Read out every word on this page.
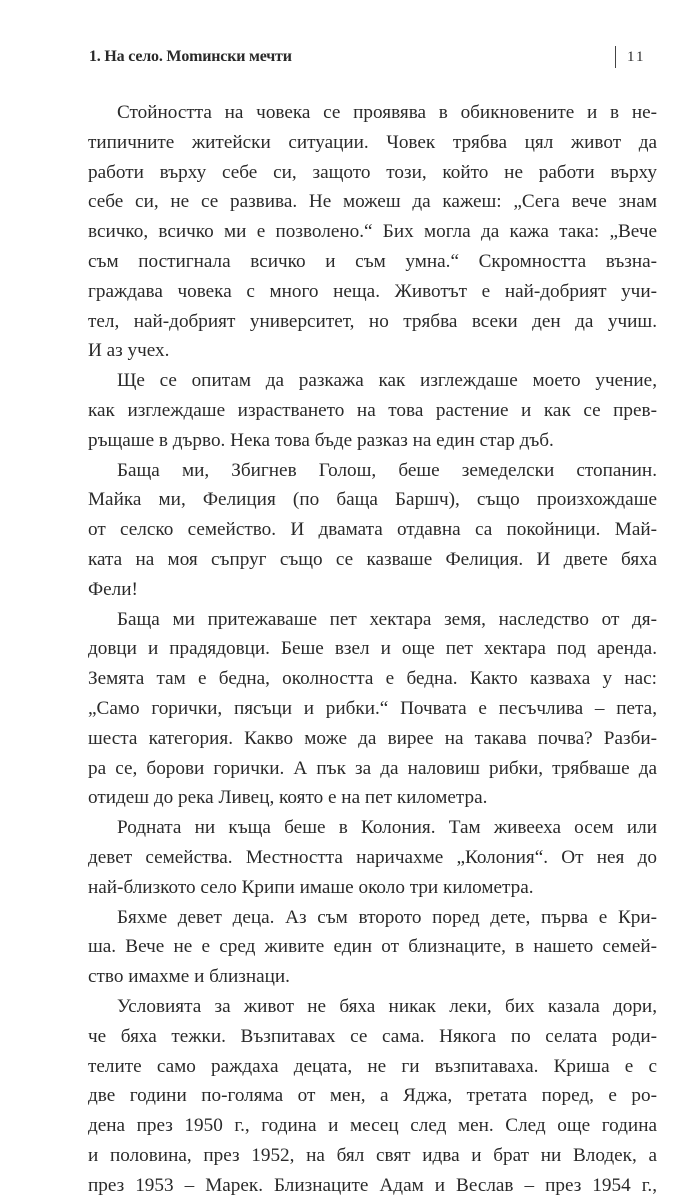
1. На село. Momински мечти	11
Стойността на човека се проявява в обикновените и в не-
типичните житейски ситуации. Човек трябва цял живот да
работи върху себе си, защото този, който не работи върху
себе си, не се развива. Не можеш да кажеш: „Сега вече знам
всичко, всичко ми е позволено.“ Бих могла да кажа така: „Вече
съм постигнала всичко и съм умна.“ Скромността възна-
граждава човека с много неща. Животът е най-добрият учи-
тел, най-добрият университет, но трябва всеки ден да учиш.
И аз учех.
Ще се опитам да разкажа как изглеждаше моето учение,
как изглеждаше израстването на това растение и как се прев-
ръщаше в дърво. Нека това бъде разказ на един стар дъб.
Баща ми, Збигнев Голош, беше земеделски стопанин.
Майка ми, Фелиция (по баща Баршч), също произхождаше
от селско семейство. И двамата отдавна са покойници. Май-
ката на моя съпруг също се казваше Фелиция. И двете бяха
Фели!
Баща ми притежаваше пет хектара земя, наследство от дя-
довци и прадядовци. Беше взел и още пет хектара под аренда.
Земята там е бедна, околността е бедна. Както казваха у нас:
„Само горички, пясъци и рибки.“ Почвата е песъчлива – пета,
шеста категория. Какво може да вирее на такава почва? Разби-
ра се, борови горички. А пък за да наловиш рибки, трябваше да
отидеш до река Ливец, която е на пет километра.
Родната ни къща беше в Колония. Там живееха осем или
девет семейства. Местността наричахме „Колония“. От нея до
най-близкото село Крипи имаше около три километра.
Бяхме девет деца. Аз съм второто поред дете, първа е Кри-
ша. Вече не е сред живите един от близнаците, в нашето семей-
ство имахме и близнаци.
Условията за живот не бяха никак леки, бих казала дори,
че бяха тежки. Възпитавах се сама. Някога по селата роди-
телите само раждаха децата, не ги възпитаваха. Криша е с
две години по-голяма от мен, а Яджа, третата поред, е ро-
дена през 1950 г., година и месец след мен. След още година
и половина, през 1952, на бял свят идва и брат ни Влодек, а
през 1953 – Марек. Близнаците Адам и Веслав – през 1954 г.,
